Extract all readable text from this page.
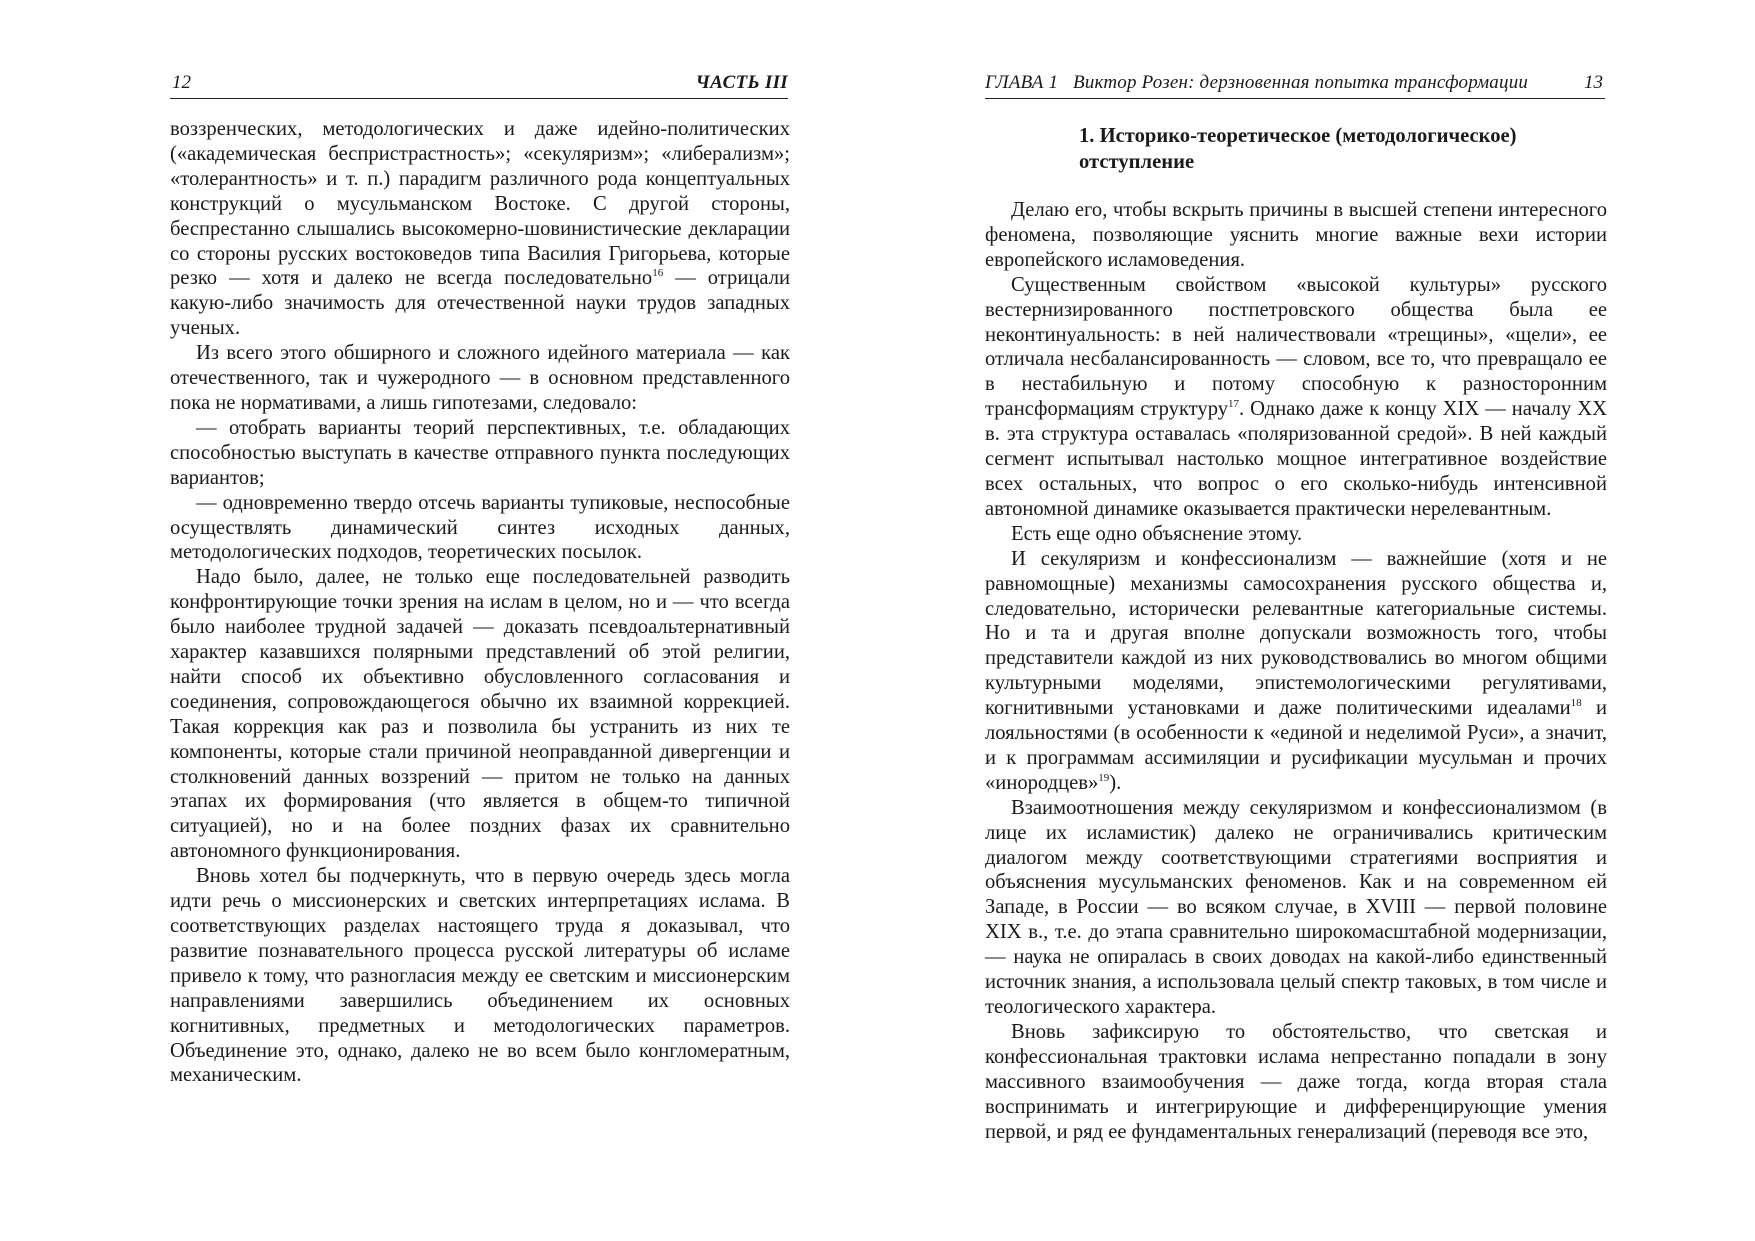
12	ЧАСТЬ III

воззренческих, методологических и даже идейно-политических («академическая беспристрастность»; «секуляризм»; «либерализм»; «толерантность» и т. п.) парадигм различного рода концептуальных конструкций о мусульманском Востоке. С другой стороны, беспрестанно слышались высокомерно-шовинистические декларации со стороны русских востоковедов типа Василия Григорьева, которые резко — хотя и далеко не всегда последовательно$^{16}$ — отрицали какую-либо значимость для отечественной науки трудов западных ученых.

Из всего этого обширного и сложного идейного материала — как отечественного, так и чужеродного — в основном представленного пока не нормативами, а лишь гипотезами, следовало:

— отобрать варианты теорий перспективных, т.е. обладающих способностью выступать в качестве отправного пункта последующих вариантов;

— одновременно твердо отсечь варианты тупиковые, неспособные осуществлять динамический синтез исходных данных, методологических подходов, теоретических посылок.

Надо было, далее, не только еще последовательней разводить конфронтирующие точки зрения на ислам в целом, но и — что всегда было наиболее трудной задачей — доказать псевдоальтернативный характер казавшихся полярными представлений об этой религии, найти способ их объективно обусловленного согласования и соединения, сопровождающегося обычно их взаимной коррекцией. Такая коррекция как раз и позволила бы устранить из них те компоненты, которые стали причиной неоправданной дивергенции и столкновений данных воззрений — притом не только на данных этапах их формирования (что является в общем-то типичной ситуацией), но и на более поздних фазах их сравнительно автономного функционирования.

Вновь хотел бы подчеркнуть, что в первую очередь здесь могла идти речь о миссионерских и светских интерпретациях ислама. В соответствующих разделах настоящего труда я доказывал, что развитие познавательного процесса русской литературы об исламе привело к тому, что разногласия между ее светским и миссионерским направлениями завершились объединением их основных когнитивных, предметных и методологических параметров. Объединение это, однако, далеко не во всем было конгломератным, механическим.

ГЛАВА 1   Виктор Розен: дерзновенная попытка трансформации	13
1. Историко-теоретическое (методологическое) отступление

Делаю его, чтобы вскрыть причины в высшей степени интересного феномена, позволяющие уяснить многие важные вехи истории европейского исламоведения.

Существенным свойством «высокой культуры» русского вестернизированного постпетровского общества была ее неконтинуальность: в ней наличествовали «трещины», «щели», ее отличала несбалансированность — словом, все то, что превращало ее в нестабильную и потому способную к разносторонним трансформациям структуру$^{17}$. Однако даже к концу XIX — началу XX в. эта структура оставалась «поляризованной средой». В ней каждый сегмент испытывал настолько мощное интегративное воздействие всех остальных, что вопрос о его сколько-нибудь интенсивной автономной динамике оказывается практически нерелевантным.

Есть еще одно объяснение этому.

И секуляризм и конфессионализм — важнейшие (хотя и не равномощные) механизмы самосохранения русского общества и, следовательно, исторически релевантные категориальные системы. Но и та и другая вполне допускали возможность того, чтобы представители каждой из них руководствовались во многом общими культурными моделями, эпистемологическими регулятивами, когнитивными установками и даже политическими идеалами$^{18}$ и лояльностями (в особенности к «единой и неделимой Руси», а значит, и к программам ассимиляции и русификации мусульман и прочих «инородцев»$^{19}$).

Взаимоотношения между секуляризмом и конфессионализмом (в лице их исламистик) далеко не ограничивались критическим диалогом между соответствующими стратегиями восприятия и объяснения мусульманских феноменов. Как и на современном ей Западе, в России — во всяком случае, в XVIII — первой половине XIX в., т.е. до этапа сравнительно широкомасштабной модернизации, — наука не опиралась в своих доводах на какой-либо единственный источник знания, а использовала целый спектр таковых, в том числе и теологического характера.

Вновь зафиксирую то обстоятельство, что светская и конфессиональная трактовки ислама непрестанно попадали в зону массивного взаимообучения — даже тогда, когда вторая стала воспринимать и интегрирующие и дифференцирующие умения первой, и ряд ее фундаментальных генерализаций (переводя все это,
